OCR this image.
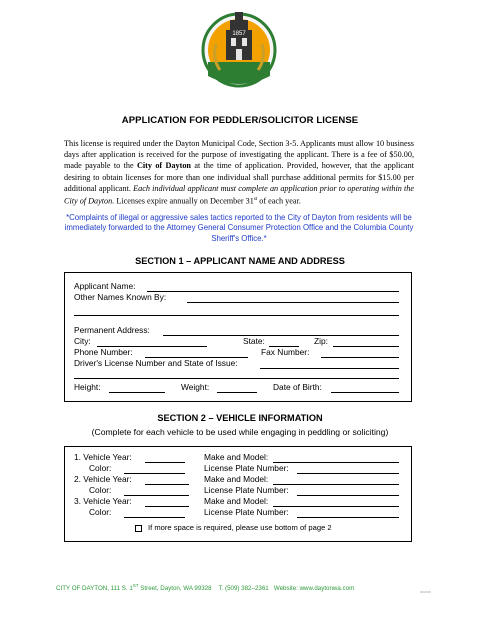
1857
APPLICATION FOR PEDDLER/SOLICITOR LICENSE
This license is required under the Dayton Municipal Code, Section 3-5. Applicants must allow 10 business days after application is received for the purpose of investigating the applicant. There is a fee of $50.00, made payable to the City of Dayton at the time of application. Provided, however, that the applicant desiring to obtain licenses for more than one individual shall purchase additional permits for $15.00 per additional applicant. Each individual applicant must complete an application prior to operating within the City of Dayton. Licenses expire annually on December 31st of each year.
*Complaints of illegal or aggressive sales tactics reported to the City of Dayton from residents will be immediately forwarded to the Attorney General Consumer Protection Office and the Columbia County Sheriff's Office.*
SECTION 1 – APPLICANT NAME AND ADDRESS
Applicant Name:
Other Names Known By:
Permanent Address:
City:	State:	Zip:
Phone Number:	Fax Number:
Driver's License Number and State of Issue:
Height:	Weight:	Date of Birth:
SECTION 2 – VEHICLE INFORMATION
(Complete for each vehicle to be used while engaging in peddling or soliciting)
1. Vehicle Year:	Make and Model:
Color:	License Plate Number:
2. Vehicle Year:	Make and Model:
Color:	License Plate Number:
3. Vehicle Year:	Make and Model:
Color:	License Plate Number:
If more space is required, please use bottom of page 2
CITY OF DAYTON, 111 S. 1ST Street, Dayton, WA 99328 T. (509) 382–2361 Website: www.daytonwa.com	06/2015
